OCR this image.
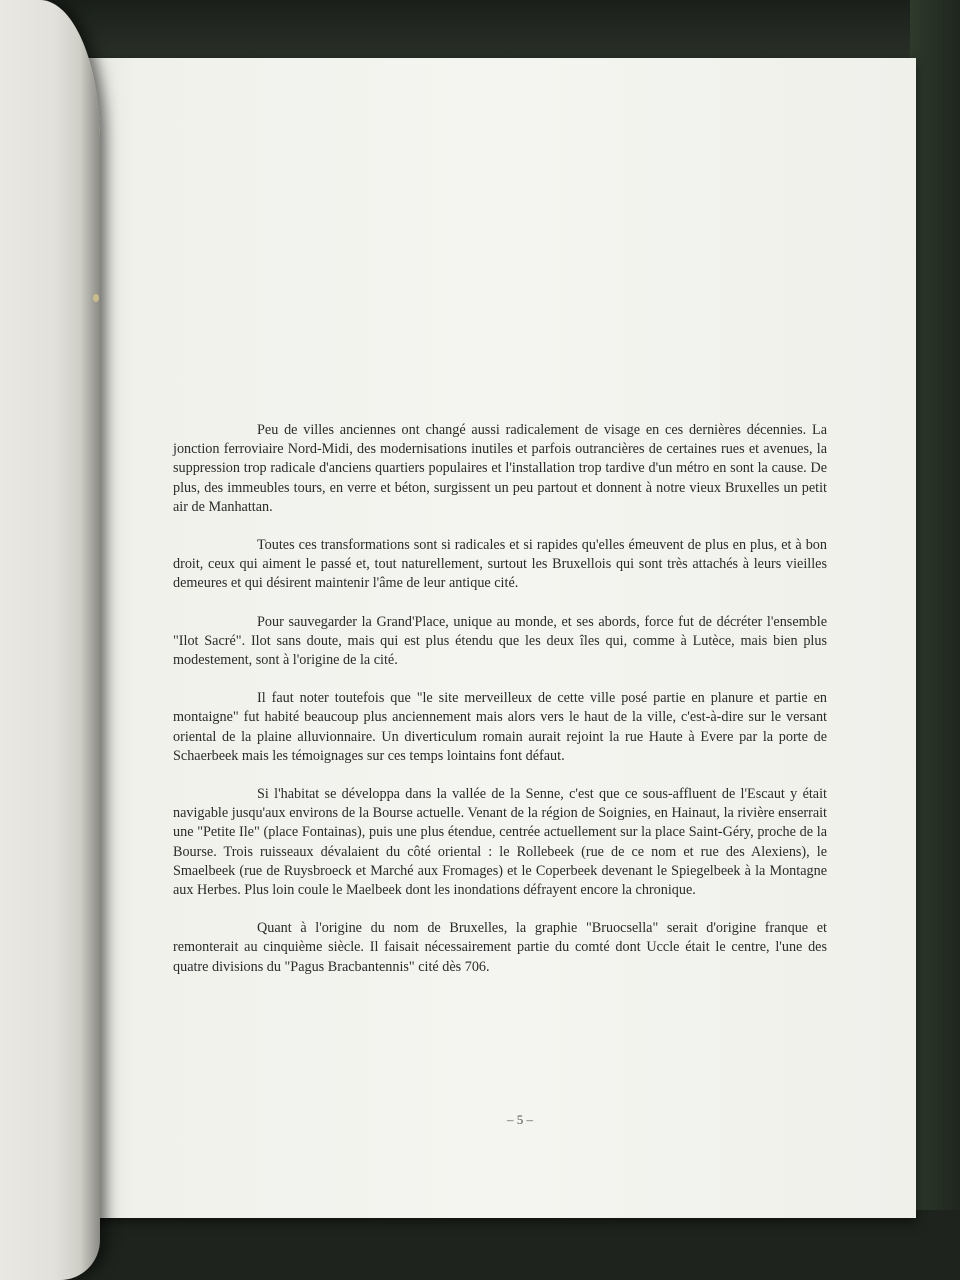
Peu de villes anciennes ont changé aussi radicalement de visage en ces dernières décennies. La jonction ferroviaire Nord-Midi, des modernisations inutiles et parfois outrancières de certaines rues et avenues, la suppression trop radicale d'anciens quartiers populaires et l'installation trop tardive d'un métro en sont la cause. De plus, des immeubles tours, en verre et béton, surgissent un peu partout et donnent à notre vieux Bruxelles un petit air de Manhattan.

Toutes ces transformations sont si radicales et si rapides qu'elles émeuvent de plus en plus, et à bon droit, ceux qui aiment le passé et, tout naturellement, surtout les Bruxellois qui sont très attachés à leurs vieilles demeures et qui désirent maintenir l'âme de leur antique cité.

Pour sauvegarder la Grand'Place, unique au monde, et ses abords, force fut de décréter l'ensemble "Ilot Sacré". Ilot sans doute, mais qui est plus étendu que les deux îles qui, comme à Lutèce, mais bien plus modestement, sont à l'origine de la cité.

Il faut noter toutefois que "le site merveilleux de cette ville posé partie en planure et partie en montaigne" fut habité beaucoup plus anciennement mais alors vers le haut de la ville, c'est-à-dire sur le versant oriental de la plaine alluvionnaire. Un diverticulum romain aurait rejoint la rue Haute à Evere par la porte de Schaerbeek mais les témoignages sur ces temps lointains font défaut.

Si l'habitat se développa dans la vallée de la Senne, c'est que ce sous-affluent de l'Escaut y était navigable jusqu'aux environs de la Bourse actuelle. Venant de la région de Soignies, en Hainaut, la rivière enserrait une "Petite Ile" (place Fontainas), puis une plus étendue, centrée actuellement sur la place Saint-Géry, proche de la Bourse. Trois ruisseaux dévalaient du côté oriental : le Rollebeek (rue de ce nom et rue des Alexiens), le Smaelbeek (rue de Ruysbroeck et Marché aux Fromages) et le Coperbeek devenant le Spiegelbeek à la Montagne aux Herbes. Plus loin coule le Maelbeek dont les inondations défrayent encore la chronique.

Quant à l'origine du nom de Bruxelles, la graphie "Bruocsella" serait d'origine franque et remonterait au cinquième siècle. Il faisait nécessairement partie du comté dont Uccle était le centre, l'une des quatre divisions du "Pagus Bracbantennis" cité dès 706.

– 5 –
